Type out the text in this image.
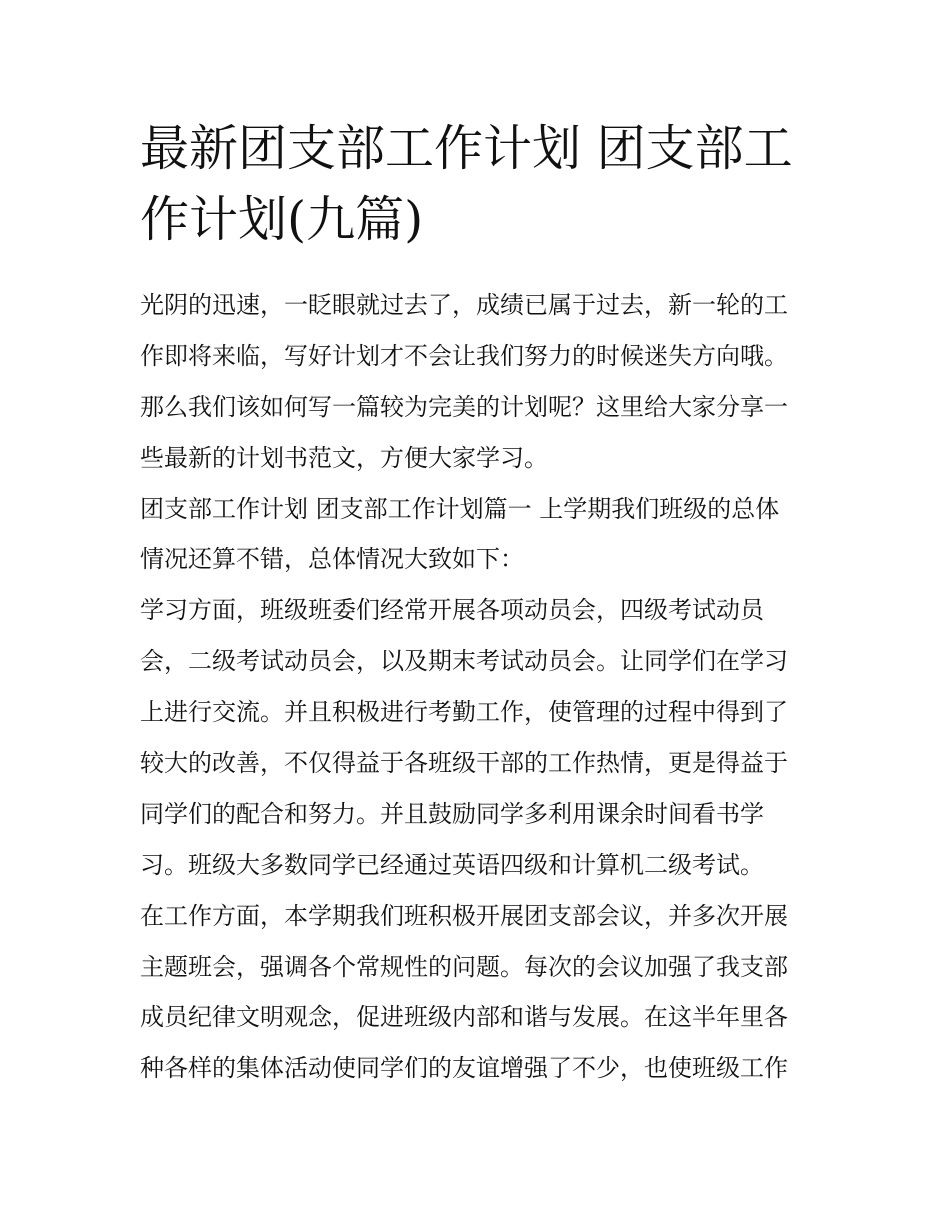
最新团支部工作计划 团支部工
作计划(九篇)
光阴的迅速，一眨眼就过去了，成绩已属于过去，新一轮的工
作即将来临，写好计划才不会让我们努力的时候迷失方向哦。
那么我们该如何写一篇较为完美的计划呢？这里给大家分享一
些最新的计划书范文，方便大家学习。
团支部工作计划 团支部工作计划篇一 上学期我们班级的总体
情况还算不错，总体情况大致如下：
学习方面，班级班委们经常开展各项动员会，四级考试动员
会，二级考试动员会，以及期末考试动员会。让同学们在学习
上进行交流。并且积极进行考勤工作，使管理的过程中得到了
较大的改善，不仅得益于各班级干部的工作热情，更是得益于
同学们的配合和努力。并且鼓励同学多利用课余时间看书学
习。班级大多数同学已经通过英语四级和计算机二级考试。
在工作方面，本学期我们班积极开展团支部会议，并多次开展
主题班会，强调各个常规性的问题。每次的会议加强了我支部
成员纪律文明观念，促进班级内部和谐与发展。在这半年里各
种各样的集体活动使同学们的友谊增强了不少，也使班级工作
